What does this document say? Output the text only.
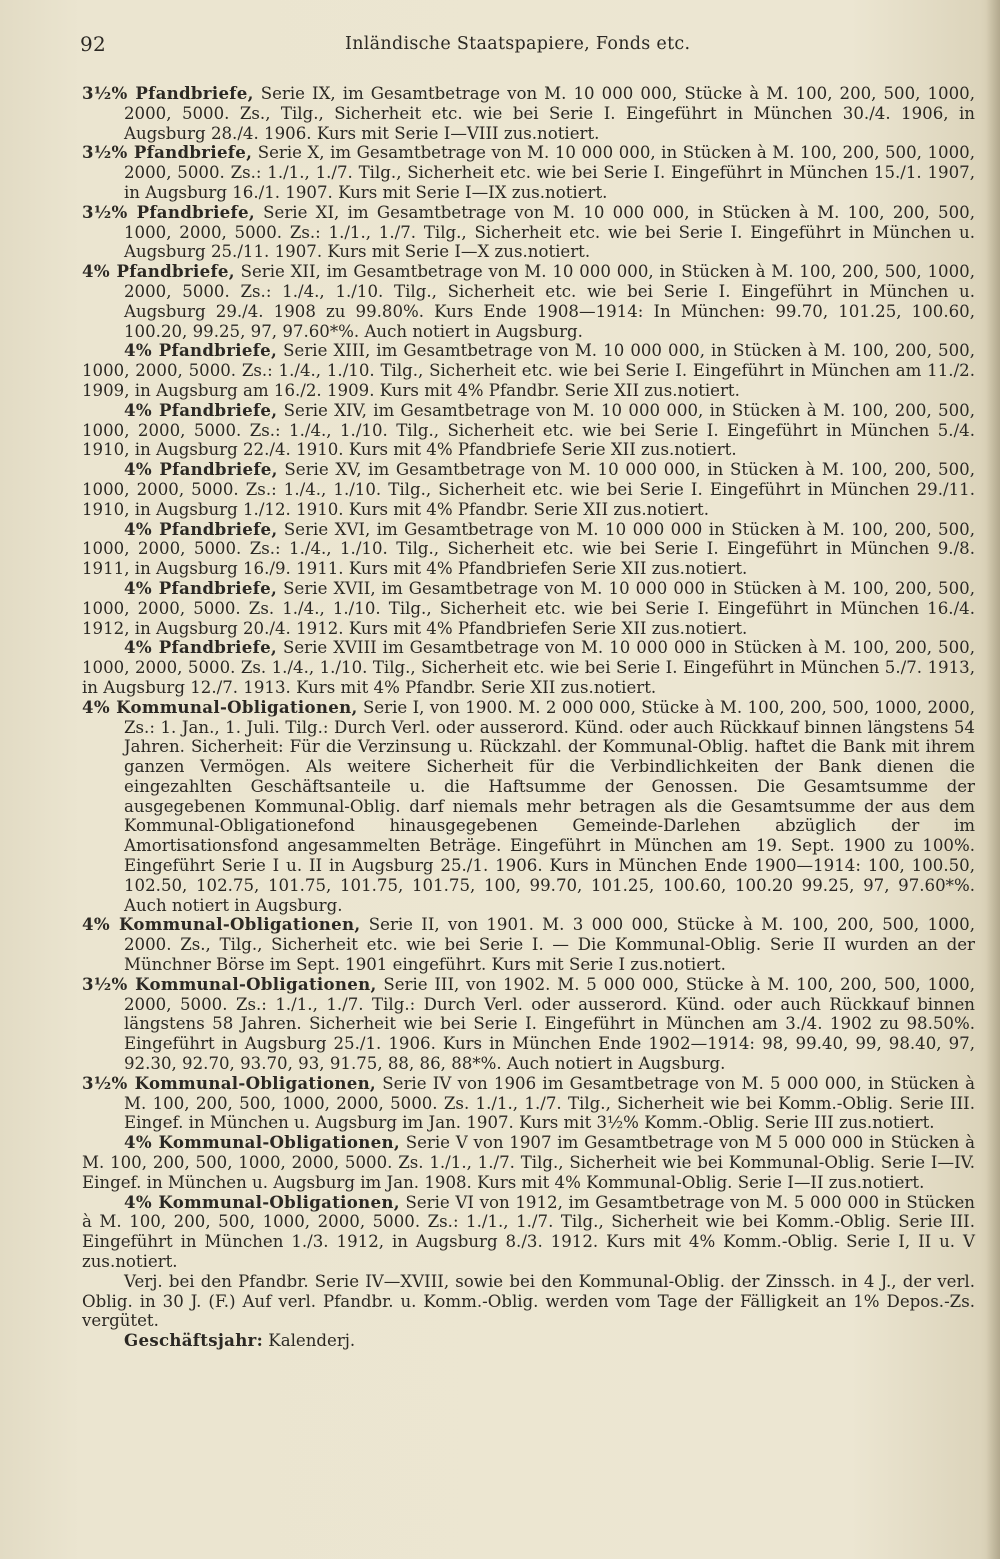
92	Inländische Staatspapiere, Fonds etc.

3½% Pfandbriefe, Serie IX, im Gesamtbetrage von M. 10 000 000, Stücke à M. 100, 200, 500, 1000, 2000, 5000. Zs., Tilg., Sicherheit etc. wie bei Serie I. Eingeführt in München 30./4. 1906, in Augsburg 28./4. 1906. Kurs mit Serie I—VIII zus.notiert.

3½% Pfandbriefe, Serie X, im Gesamtbetrage von M. 10 000 000, in Stücken à M. 100, 200, 500, 1000, 2000, 5000. Zs.: 1./1., 1./7. Tilg., Sicherheit etc. wie bei Serie I. Eingeführt in München 15./1. 1907, in Augsburg 16./1. 1907. Kurs mit Serie I—IX zus.notiert.

3½% Pfandbriefe, Serie XI, im Gesamtbetrage von M. 10 000 000, in Stücken à M. 100, 200, 500, 1000, 2000, 5000. Zs.: 1./1., 1./7. Tilg., Sicherheit etc. wie bei Serie I. Eingeführt in München u. Augsburg 25./11. 1907. Kurs mit Serie I—X zus.notiert.

4% Pfandbriefe, Serie XII, im Gesamtbetrage von M. 10 000 000, in Stücken à M. 100, 200, 500, 1000, 2000, 5000. Zs.: 1./4., 1./10. Tilg., Sicherheit etc. wie bei Serie I. Eingeführt in München u. Augsburg 29./4. 1908 zu 99.80%. Kurs Ende 1908—1914: In München: 99.70, 101.25, 100.60, 100.20, 99.25, 97, 97.60*%. Auch notiert in Augsburg.

4% Pfandbriefe, Serie XIII, im Gesamtbetrage von M. 10 000 000, in Stücken à M. 100, 200, 500, 1000, 2000, 5000. Zs.: 1./4., 1./10. Tilg., Sicherheit etc. wie bei Serie I. Eingeführt in München am 11./2. 1909, in Augsburg am 16./2. 1909. Kurs mit 4% Pfandbr. Serie XII zus.notiert.

4% Pfandbriefe, Serie XIV, im Gesamtbetrage von M. 10 000 000, in Stücken à M. 100, 200, 500, 1000, 2000, 5000. Zs.: 1./4., 1./10. Tilg., Sicherheit etc. wie bei Serie I. Eingeführt in München 5./4. 1910, in Augsburg 22./4. 1910. Kurs mit 4% Pfandbriefe Serie XII zus.notiert.

4% Pfandbriefe, Serie XV, im Gesamtbetrage von M. 10 000 000, in Stücken à M. 100, 200, 500, 1000, 2000, 5000. Zs.: 1./4., 1./10. Tilg., Sicherheit etc. wie bei Serie I. Eingeführt in München 29./11. 1910, in Augsburg 1./12. 1910. Kurs mit 4% Pfandbr. Serie XII zus.notiert.

4% Pfandbriefe, Serie XVI, im Gesamtbetrage von M. 10 000 000 in Stücken à M. 100, 200, 500, 1000, 2000, 5000. Zs.: 1./4., 1./10. Tilg., Sicherheit etc. wie bei Serie I. Eingeführt in München 9./8. 1911, in Augsburg 16./9. 1911. Kurs mit 4% Pfandbriefen Serie XII zus.notiert.

4% Pfandbriefe, Serie XVII, im Gesamtbetrage von M. 10 000 000 in Stücken à M. 100, 200, 500, 1000, 2000, 5000. Zs. 1./4., 1./10. Tilg., Sicherheit etc. wie bei Serie I. Eingeführt in München 16./4. 1912, in Augsburg 20./4. 1912. Kurs mit 4% Pfandbriefen Serie XII zus.notiert.

4% Pfandbriefe, Serie XVIII im Gesamtbetrage von M. 10 000 000 in Stücken à M. 100, 200, 500, 1000, 2000, 5000. Zs. 1./4., 1./10. Tilg., Sicherheit etc. wie bei Serie I. Eingeführt in München 5./7. 1913, in Augsburg 12./7. 1913. Kurs mit 4% Pfandbr. Serie XII zus.notiert.

4% Kommunal-Obligationen, Serie I, von 1900. M. 2 000 000, Stücke à M. 100, 200, 500, 1000, 2000, Zs.: 1. Jan., 1. Juli. Tilg.: Durch Verl. oder ausserord. Künd. oder auch Rückkauf binnen längstens 54 Jahren. Sicherheit: Für die Verzinsung u. Rückzahl. der Kommunal-Oblig. haftet die Bank mit ihrem ganzen Vermögen. Als weitere Sicherheit für die Verbindlichkeiten der Bank dienen die eingezahlten Geschäftsanteile u. die Haftsumme der Genossen. Die Gesamtsumme der ausgegebenen Kommunal-Oblig. darf niemals mehr betragen als die Gesamtsumme der aus dem Kommunal-Obligationefond hinausgegebenen Gemeinde-Darlehen abzüglich der im Amortisationsfond angesammelten Beträge. Eingeführt in München am 19. Sept. 1900 zu 100%. Eingeführt Serie I u. II in Augsburg 25./1. 1906. Kurs in München Ende 1900—1914: 100, 100.50, 102.50, 102.75, 101.75, 101.75, 101.75, 100, 99.70, 101.25, 100.60, 100.20 99.25, 97, 97.60*%. Auch notiert in Augsburg.

4% Kommunal-Obligationen, Serie II, von 1901. M. 3 000 000, Stücke à M. 100, 200, 500, 1000, 2000. Zs., Tilg., Sicherheit etc. wie bei Serie I. — Die Kommunal-Oblig. Serie II wurden an der Münchner Börse im Sept. 1901 eingeführt. Kurs mit Serie I zus.notiert.

3½% Kommunal-Obligationen, Serie III, von 1902. M. 5 000 000, Stücke à M. 100, 200, 500, 1000, 2000, 5000. Zs.: 1./1., 1./7. Tilg.: Durch Verl. oder ausserord. Künd. oder auch Rückkauf binnen längstens 58 Jahren. Sicherheit wie bei Serie I. Eingeführt in München am 3./4. 1902 zu 98.50%. Eingeführt in Augsburg 25./1. 1906. Kurs in München Ende 1902—1914: 98, 99.40, 99, 98.40, 97, 92.30, 92.70, 93.70, 93, 91.75, 88, 86, 88*%. Auch notiert in Augsburg.

3½% Kommunal-Obligationen, Serie IV von 1906 im Gesamtbetrage von M. 5 000 000, in Stücken à M. 100, 200, 500, 1000, 2000, 5000. Zs. 1./1., 1./7. Tilg., Sicherheit wie bei Komm.-Oblig. Serie III. Eingef. in München u. Augsburg im Jan. 1907. Kurs mit 3½% Komm.-Oblig. Serie III zus.notiert.

4% Kommunal-Obligationen, Serie V von 1907 im Gesamtbetrage von M 5 000 000 in Stücken à M. 100, 200, 500, 1000, 2000, 5000. Zs. 1./1., 1./7. Tilg., Sicherheit wie bei Kommunal-Oblig. Serie I—IV. Eingef. in München u. Augsburg im Jan. 1908. Kurs mit 4% Kommunal-Oblig. Serie I—II zus.notiert.

4% Kommunal-Obligationen, Serie VI von 1912, im Gesamtbetrage von M. 5 000 000 in Stücken à M. 100, 200, 500, 1000, 2000, 5000. Zs.: 1./1., 1./7. Tilg., Sicherheit wie bei Komm.-Oblig. Serie III. Eingeführt in München 1./3. 1912, in Augsburg 8./3. 1912. Kurs mit 4% Komm.-Oblig. Serie I, II u. V zus.notiert.

Verj. bei den Pfandbr. Serie IV—XVIII, sowie bei den Kommunal-Oblig. der Zinssch. in 4 J., der verl. Oblig. in 30 J. (F.) Auf verl. Pfandbr. u. Komm.-Oblig. werden vom Tage der Fälligkeit an 1% Depos.-Zs. vergütet.

Geschäftsjahr: Kalenderj.
